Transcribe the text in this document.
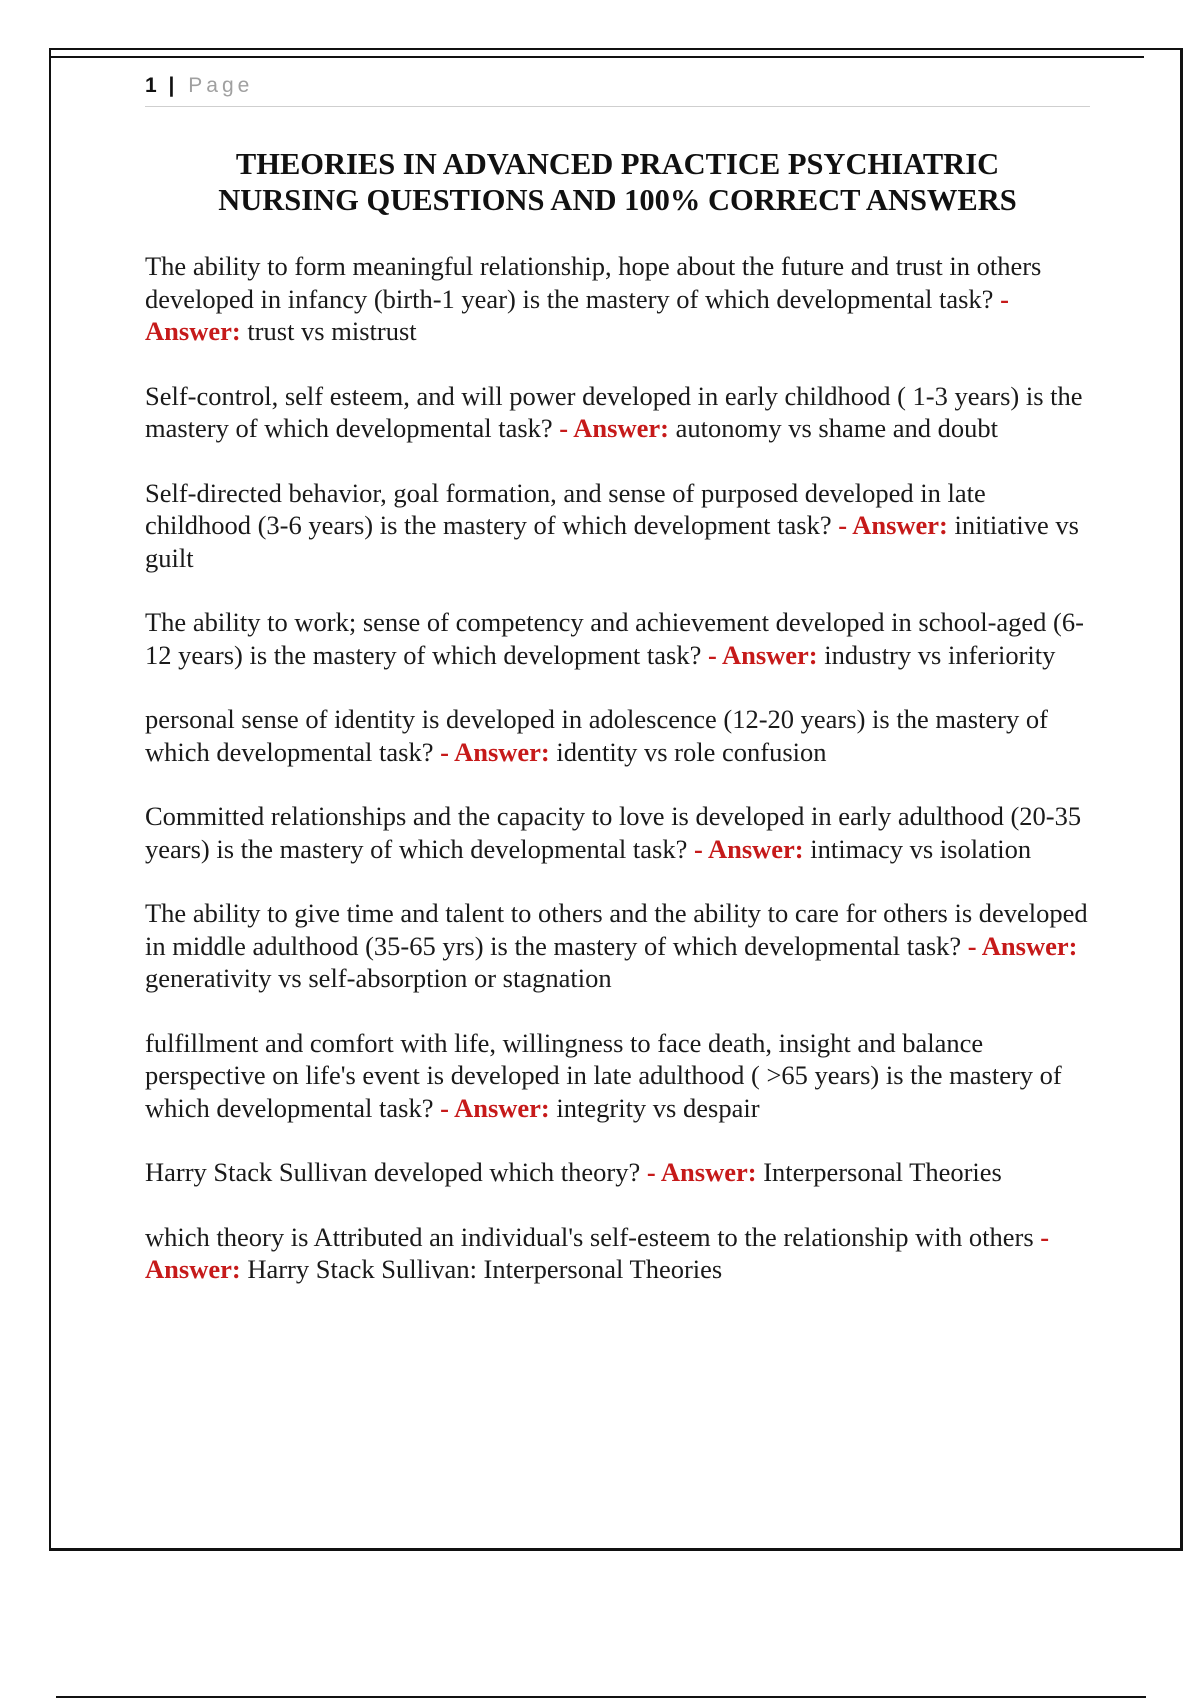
1 | Page
THEORIES IN ADVANCED PRACTICE PSYCHIATRIC
NURSING QUESTIONS AND 100% CORRECT ANSWERS

The ability to form meaningful relationship, hope about the future and trust in others developed in infancy (birth-1 year) is the mastery of which developmental task? - Answer: trust vs mistrust

Self-control, self esteem, and will power developed in early childhood ( 1-3 years) is the mastery of which developmental task? - Answer: autonomy vs shame and doubt

Self-directed behavior, goal formation, and sense of purposed developed in late childhood (3-6 years) is the mastery of which development task? - Answer: initiative vs guilt

The ability to work; sense of competency and achievement developed in school-aged (6-12 years) is the mastery of which development task? - Answer: industry vs inferiority

personal sense of identity is developed in adolescence (12-20 years) is the mastery of which developmental task? - Answer: identity vs role confusion

Committed relationships and the capacity to love is developed in early adulthood (20-35 years) is the mastery of which developmental task? - Answer: intimacy vs isolation

The ability to give time and talent to others and the ability to care for others is developed in middle adulthood (35-65 yrs) is the mastery of which developmental task? - Answer: generativity vs self-absorption or stagnation

fulfillment and comfort with life, willingness to face death, insight and balance perspective on life's event is developed in late adulthood ( >65 years) is the mastery of which developmental task? - Answer: integrity vs despair

Harry Stack Sullivan developed which theory? - Answer: Interpersonal Theories

which theory is Attributed an individual's self-esteem to the relationship with others - Answer: Harry Stack Sullivan: Interpersonal Theories
